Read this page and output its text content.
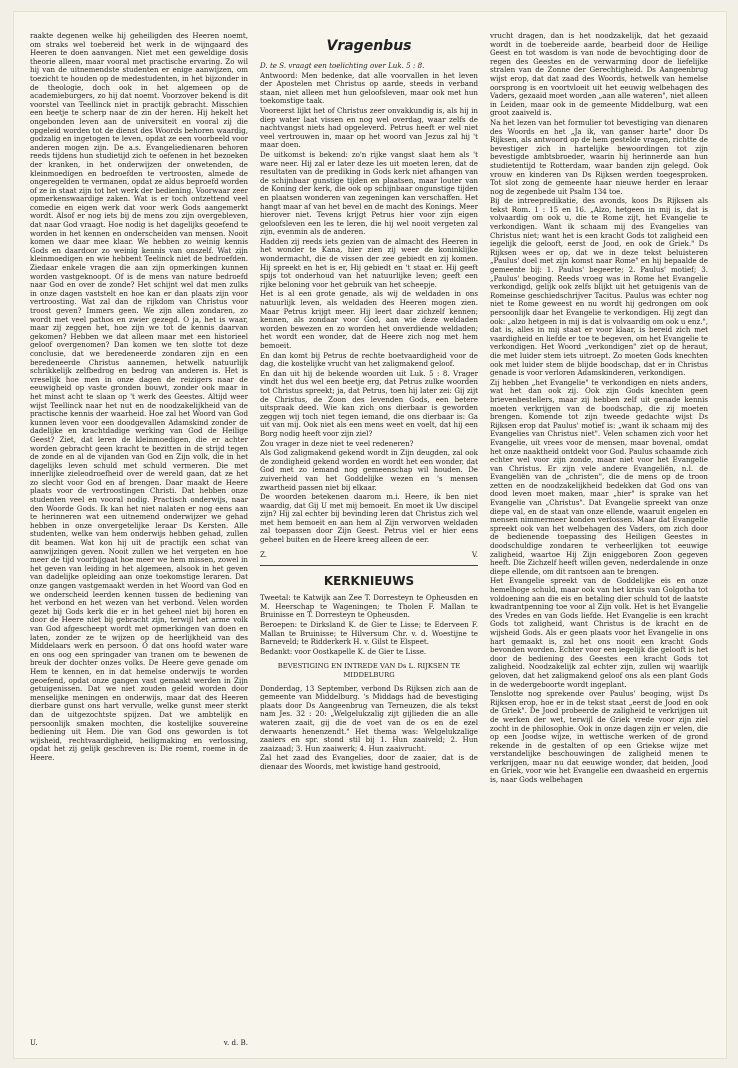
raakte degenen welke hij geheiligden des Heeren noemt, om straks wel toebereid het werk in de wijngaard des Heeren te doen aanvangen. Niet met een geweldige dosis theorie alleen, maar vooral met practische ervaring. Zo wil hij van de uitnemendste studenten er enige aanwijzen, om toezicht te houden op de medestudenten, in het bijzonder in de theologie, doch ook in het algemeen op de academieburgers, zo hij dat noemt. Voorzover bekend is dit voorstel van Teellinck niet in practijk gebracht. Misschien een beetje te scherp naar de zin der heren. Hij hekelt het ongebonden leven aan de universiteit en vooral zij die opgeleid worden tot de dienst des Woords behoren waardig, godzalig en ingetogen te leven, opdat ze een voorbeeld voor anderen mogen zijn. De a.s. Evangeliedienaren behoren reeds tijdens hun studietijd zich te oefenen in het bezoeken der kranken, in het onderwijzen der onwetenden, de kleinmoedigen en bedroefden te vertroosten, almede de ongeregelden te vermanen, opdat ze aldus beproefd worden of ze in staat zijn tot het werk der bediening. Voorwaar zeer opmerkenswaardige zaken. Wat is er toch ontzettend veel comedie en eigen werk dat voor werk Gods aangemerkt wordt. Alsof er nog iets bij de mens zou zijn overgebleven, dat naar God vraagt. Hoe nodig is het dagelijks geoefend te worden in het kennen en onderscheiden van mensen. Nooit komen we daar mee klaar. We hebben zo weinig kennis Gods en daardoor zo weinig kennis van onszelf. Wat zijn kleinmoedigen en wie hebbent Teelinck niet de bedroefden. Ziedaar enkele vragen die aan zijn opmerkingen kunnen worden vastgeknoopt. Of is de mens van nature bedroefd naar God en over de zonde? Het schijnt wel dat men zulks in onze dagen vaststelt en hoe kan er dan plaats zijn voor vertroosting. Wat zal dan de rijkdom van Christus voor troost geven? Immers geen. We zijn allen zondaren, zo wordt met veel pathos en zwier gezegd. O ja, het is waar, maar zij zeggen het, hoe zijn we tot de kennis daarvan gekomen? Hebben we dat alleen maar met een historieel geloof overgenomen? Dan komen we ten slotte tot deze conclusie, dat we beredeneerde zondaren zijn en een beredeneerde Christus aannemen, hetwelk natuurlijk schrikkelijk zelfbedrog en bedrog van anderen is. Het is vreselijk hoe men in onze dagen de reizigers naar de eeuwigheid op vaste gronden bouwt, zonder ook maar in het minst acht te slaan op 't werk des Geestes. Altijd weer wijst Teellinck naar het nut en de noodzakelijkheid van de practische kennis der waarheid. Hoe zal het Woord van God kunnen leven voor een doodgevallen Adamskind zonder de dadelijke en krachtdadige werking van God de Heilige Geest? Ziet, dat leren de kleinmoedigen, die er achter worden gebracht geen kracht te bezitten in de strijd tegen de zonde en al de vijanden van God en Zijn volk, die in het dagelijks leven schuld met schuld vermeren. Die met innerlijke zieleodroefheid over de wereld gaan, dat ze het zo slecht voor God en af brengen. Daar maakt de Heere plaats voor de vertroostingen Christi. Dat hebben onze studenten veel en vooral nodig. Practisch onderwijs, naar den Woorde Gods. Ik kan het niet nalaten er nog eens aan te herinneren wat een uitnemend onderwijzer we gehad hebben in onze onvergetelijke leraar Ds Kersten. Alle studenten, welke van hem onderwijs hebben gehad, zullen dit beamen. Wat kon hij uit de practijk een schat van aanwijzingen geven. Nooit zullen we het vergeten en hoe meer de tijd voorbijgaat hoe meer we hem missen, zowel in het geven van leiding in het algemeen, alsook in het geven van dadelijke opleiding aan onze toekomstige leraren. Dat onze gangen vastgemaakt werden in het Woord van God en we onderscheid leerden kennen tussen de bediening van het verbond en het wezen van het verbond. Velen worden gezet bij Gods kerk die er in het geheel niet bij horen en door de Heere niet bij gebracht zijn, terwijl het arme volk van God afgescheept wordt met opmerkingen van doen en laten, zonder ze te wijzen op de heerlijkheid van des Middelaars werk en persoon. O dat ons hoofd water ware en ons oog een springader van tranen om te bewenen de breuk der dochter onzes volks. De Heere geve genade om Hem te kennen, en in dat hemelse onderwijs te worden geoefend, opdat onze gangen vast gemaakt werden in Zijn getuigenissen. Dat we niet zouden geleid worden door menselijke meningen en onderwijs, maar dat des Heeren dierbare gunst ons hart vervulle, welke gunst meer sterkt dan de uitgezochtste spijzen. Dat we ambtelijk en persoonlijk smaken mochten, die kostelijke souvereine bediening uit Hem. Die van God ons geworden is tot wijsheid, rechtvaardigheid, heiligmaking en verlossing, opdat het zij gelijk geschreven is: Die roemt, roeme in de Heere.

U.	v. d. B.
Vragenbus

D. te S. vraagt een toelichting over Luk. 5 : 8.

Antwoord: Men bedenke, dat alle voorvallen in het leven der Apostelen met Christus op aarde, steeds in verband staan, niet alleen met hun geloofsleven, maar ook met hun toekomstige taak.

Vooreerst lijkt het of Christus zeer onvakkundig is, als hij in diep water laat vissen en nog wel overdag, waar zelfs de nachtvangst niets had opgeleverd. Petrus heeft er wel niet veel vertrouwen in, maar op het woord van Jezus zal hij 't maar doen.

De uitkomst is bekend: zo'n rijke vangst slaat hem als 't ware neer. Hij zal er later deze les uit moeten leren, dat de resultaten van de prediking in Gods kerk niet afhangen van de schijnbaar gunstige tijden en plaatsen, maar louter van de Koning der kerk, die ook op schijnbaar ongunstige tijden en plaatsen wonderen van zegeningen kan verschaffen. Het hangt maar af van het bevel en de macht des Konings. Meer hierover niet. Tevens krijgt Petrus hier voor zijn eigen geloofsleven een les te leren, die hij wel nooit vergeten zal zijn, evenmin als de anderen.

Hadden zij reeds iets gezien van de almacht des Heeren in het wonder te Kana, hier zien zij weer de koninklijke wondermacht, die de vissen der zee gebiedt en zij komen. Hij spreekt en het is er, Hij gebiedt en 't staat er. Hij geeft spijs tot onderhoud van het natuurlijke leven; geeft een rijke beloning voor het gebruik van het scheepje.

Het is al een grote genade, als wij de weldaden in ons natuurlijk leven, als weldaden des Heeren mogen zien. Maar Petrus krijgt meer. Hij leert daar zichzelf kennen; kennen, als zondaar voor God, aan wie deze weldaden worden bewezen en zo worden het onverdiende weldaden; het wordt een wonder, dat de Heere zich nog met hem bemoeit.

En dan komt bij Petrus de rechte boetvaardigheid voor de dag, die kostelijke vrucht van het zaligmakend geloof.

En dan uit hij de bekende woorden uit Luk. 5 : 8. Vrager vindt het dus wel een beetje erg, dat Petrus zulke woorden tot Christus spreekt; ja, dat Petrus, toen hij later zei: Gij zijt de Christus, de Zoon des levenden Gods, een betere uitspraak deed. Wie kan zich ons dierbaar is geworden zeggen wij toch niet tegen iemand, die ons dierbaar is: Ga uit van mij. Ook niet als een mens weet en voelt, dat hij een Borg nodig heeft voor zijn ziel?

Zou vrager in deze niet te veel redeneren?

Als God zaligmakend gekend wordt in Zijn deugden, zal ook de zondigheid gekend worden en wordt het een wonder, dat God met zo iemand nog gemeenschap wil houden. De zuiverheid van het Goddelijke wezen en 's mensen zwartheid passen niet bij elkaar.

De woorden betekenen daarom m.i. Heere, ik ben niet waardig, dat Gij U met mij bemoeit. En moet ik Uw discipel zijn? Hij zal echter bij bevinding leren dat Christus zich wel met hem bemoeit en aan hem al Zijn verworven weldaden zal toepassen door Zijn Geest. Petrus viel er hier eens geheel buiten en de Heere kreeg alleen de eer.

Z.	V.
KERKNIEUWS

Tweetal: te Katwijk aan Zee T. Dorresteyn te Opheusden en M. Heerschap te Wageningen; te Tholen F. Mallan te Bruinisse en T. Dorresteyn te Opheusden.

Beroepen: te Dirksland K. de Gier te Lisse; te Ederveen F. Mallan te Bruinisse; te Hilversum Chr. v. d. Woestijne te Barneveld; te Ridderkerk H. v. Gilst te Elspeet.

Bedankt: voor Oostkapelle K. de Gier te Lisse.

BEVESTIGING EN INTREDE VAN Ds L. RIJKSEN TE MIDDELBURG

Donderdag, 13 September, verbond Ds Rijksen zich aan de gemeente van Middelburg. 's Middags had de bevestiging plaats door Ds Aangeenbrug van Terneuzen, die als tekst nam Jes. 32 : 20: „Welgelukzalig zijt gijlieden die an alle wateren zaait, gij die de voet van de os en de ezel derwaarts henenzendt." Het thema was: Welgelukzalige zaaiers en spr. stond stil bij 1. Hun zaaiveld; 2. Hun zaaizaad; 3. Hun zaaiwerk; 4. Hun zaaivrucht.

Zal het zaad des Evangelies, door de zaaier, dat is de dienaar des Woords, met kwistige hand gestrooid,

vrucht dragen, dan is het noodzakelijk, dat het gezaaid wordt in de toebereide aarde, bearbeid door de Heilige Geest en tot wasdom is van node de bevochtiging door de regen des Geestes en de verwarming door de liefelijke stralen van de Zonne der Gerechtigheid. Ds Aangeenbrug wijst erop, dat dat zaad des Woords, hetwelk van hemelse oorsprong is en voortvloeit uit het eeuwig welbehagen des Vaders, gezaaid moet worden „aan alle wateren", niet alleen in Leiden, maar ook in de gemeente Middelburg, wat een groot zaaiveld is.

Na het lezen van het formulier tot bevestiging van dienaren des Woords en het „Ja ik, van ganser harte" door Ds Rijksen, als antwoord op de hem gestelde vragen, richtte de bevestiger zich in hartelijke bewoordingen tot zijn bevestigde ambtsbroeder, waarin hij herinnerde aan hun studietentijd te Rotterdam, waar banden zijn gelegd. Ook vrouw en kinderen van Ds Rijksen werden toegesproken. Tot slot zong de gemeente haar nieuwe herder en leraar nog de zegenbede uit Psalm 134 toe.

Bij de intreepredikatie, des avonds, koos Ds Rijksen als tekst Rom. 1 : 15 en 16. „Alzo, hetgeen in mij is, dat is volvaardig om ook u, die te Rome zijt, het Evangelie te verkondigen. Want ik schaam mij des Evangelies van Christus niet; want het is een kracht Gods tot zaligheid een iegelijk die gelooft, eerst de Jood, en ook de Griek." Ds Rijksen wees er op, dat we in deze tekst beluisteren „Paulus' doel met zijn komst naar Rome" en hij bepaalde de gemeente bij: 1. Paulus' begeerte; 2. Paulus' motief; 3. „Paulus' beoging. Reeds vroeg was in Rome het Evangelie verkondigd, gelijk ook zelfs blijkt uit het getuigenis van de Romeinse geschiedschrijver Tacitus. Paulus was echter nog niet te Rome geweest en nu wordt hij gedrongen om ook persoonlijk daar het Evangelie te verkondigen. Hij zegt dan ook: „alzo hetgeen in mij is dat is volvaardig om ook u enz.", dat is, alles in mij staat er voor klaar, is bereid zich met vaardigheid en liefde er toe te begeven, om het Evangelie te verkondigen. Het Woord „verkondigen" ziet op de heraut, die met luider stem iets uitroept. Zo moeten Gods knechten ook met luider stem de blijde boodschap, dat er in Christus genade is voor verloren Adamskinderen, verkondigen.

Zij hebben „het Evangelie" te verkondigen en niets anders, wat het dan ook zij. Ook zijn Gods knechten geen brievenbestellers, maar zij hebben zelf uit genade kennis moeten verkrijgen van de boodschap, die zij moeten brengen. Komende tot zijn tweede gedachte wijst Ds Rijksen erop dat Paulus' motief is: „want ik schaam mij des Evangelies van Christus niet". Velen schamen zich voor het Evangelie, uit vrees voor de mensen, maar bovenal, omdat het onze naaktheid ontdekt voor God. Paulus schaamde zich echter wel voor zijn zonde, maar niet voor het Evangelie van Christus. Er zijn vele andere Evangeliën, n.l. de Evangeliën van de „christen", die de mens op de troon zetten en de noodzakelijkheid bedekken dat God ons van dood leven moet maken, maar „hier" is sprake van het Evangelie van „Christus". Dat Evangelie spreekt van onze diepe val, en de staat van onze ellende, waaruit engelen en mensen nimmermeer konden verlossen. Maar dat Evangelie spreekt ook van het welbehagen des Vaders, om zich door de bedienende toepassing des Heiligen Geestes in doodschuldige zondaren te verheerlijken tot eeuwige zaligheid, waartoe Hij Zijn eniggeboren Zoon gegeven heeft. Die Zichzelf heeft willen geven, nederdalende in onze diepe ellende, om dit rantsoen aan te brengen.

Het Evangelie spreekt van de Goddelijke eis en onze hemelhoge schuld, maar ook van het kruis van Golgotha tot voldoening aan die eis en betaling dier schuld tot de laatste kwadrantpenning toe voor al Zijn volk. Het is het Evangelie des Vredes en van Gods liefde. Het Evangelie is een kracht Gods tot zaligheid, want Christus is de kracht en de wijsheid Gods. Als er geen plaats voor het Evangelie in ons hart gemaakt is, zal het ons nooit een kracht Gods bevonden worden. Echter voor een iegelijk die gelooft is het door de bediening des Geestes een kracht Gods tot zaligheid. Noodzakelijk zal echter zijn, zullen wij waarlijk geloven, dat het zaligmakend geloof ons als een plant Gods in de wedergeboorte wordt ingeplant.

Tenslotte nog sprekende over Paulus' beoging, wijst Ds Rijksen erop, hoe er in de tekst staat „eerst de Jood en ook de Griek". De Jood probeerde de zaligheid te verkrijgen uit de werken der wet, terwijl de Griek vrede voor zijn ziel zocht in de philosophie. Ook in onze dagen zijn er velen, die op een Joodse wijze, in wettische werken of de grond rekende in de gestalten of op een Griekse wijze met verstandelijke beschouwingen de zaligheid menen te verkrijgen, maar nu dat eeuwige wonder, dat beiden, Jood en Griek, voor wie het Evangelie een dwaasheid en ergernis is, naar Gods welbehagen
